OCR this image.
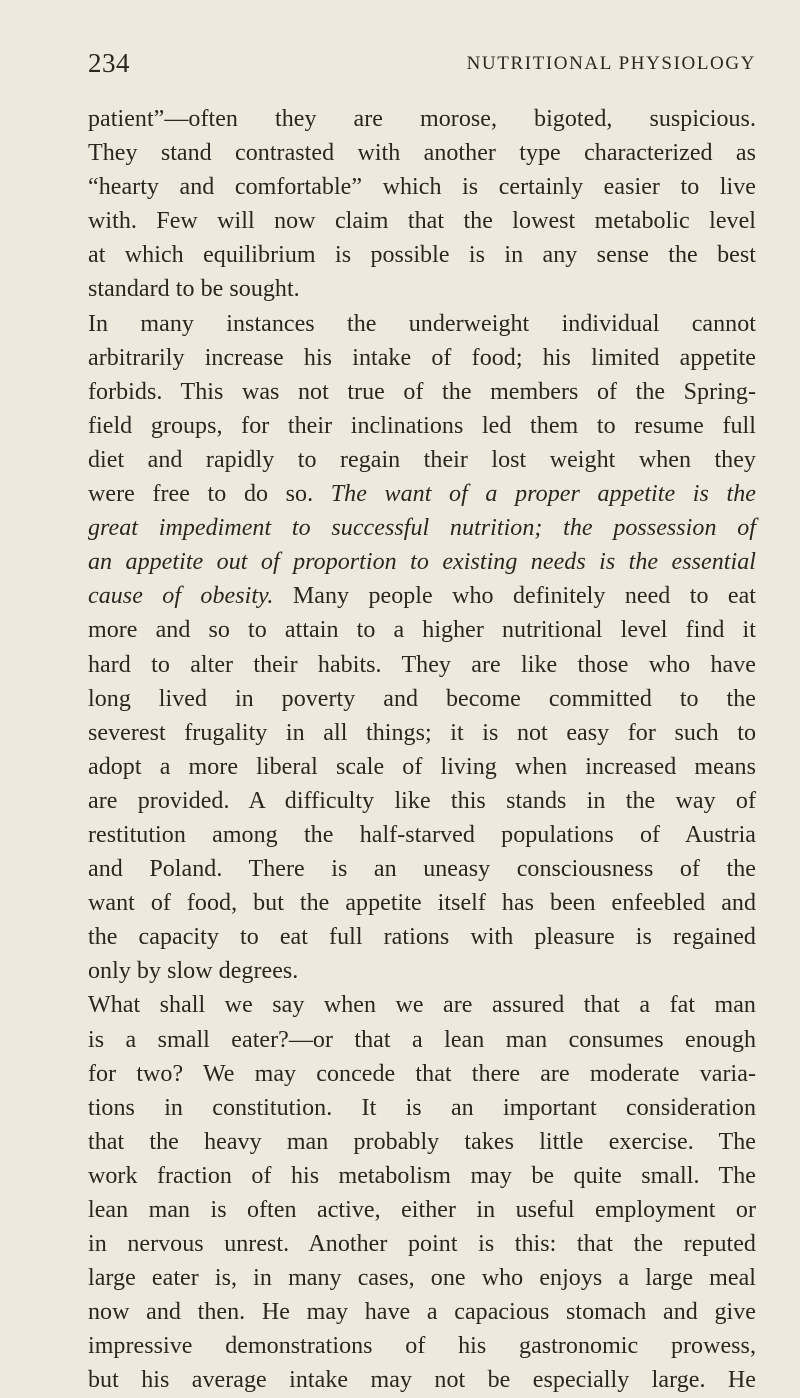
234	NUTRITIONAL PHYSIOLOGY
patient”—often they are morose, bigoted, suspicious.
They stand contrasted with another type characterized as
“hearty and comfortable” which is certainly easier to live
with. Few will now claim that the lowest metabolic level
at which equilibrium is possible is in any sense the best
standard to be sought.
In many instances the underweight individual cannot
arbitrarily increase his intake of food; his limited appetite
forbids. This was not true of the members of the Spring-
field groups, for their inclinations led them to resume full
diet and rapidly to regain their lost weight when they
were free to do so. The want of a proper appetite is the
great impediment to successful nutrition; the possession of
an appetite out of proportion to existing needs is the essential
cause of obesity. Many people who definitely need to eat
more and so to attain to a higher nutritional level find it
hard to alter their habits. They are like those who have
long lived in poverty and become committed to the
severest frugality in all things; it is not easy for such to
adopt a more liberal scale of living when increased means
are provided. A difficulty like this stands in the way of
restitution among the half-starved populations of Austria
and Poland. There is an uneasy consciousness of the
want of food, but the appetite itself has been enfeebled and
the capacity to eat full rations with pleasure is regained
only by slow degrees.
What shall we say when we are assured that a fat man
is a small eater?—or that a lean man consumes enough
for two? We may concede that there are moderate varia-
tions in constitution. It is an important consideration
that the heavy man probably takes little exercise. The
work fraction of his metabolism may be quite small. The
lean man is often active, either in useful employment or
in nervous unrest. Another point is this: that the reputed
large eater is, in many cases, one who enjoys a large meal
now and then. He may have a capacious stomach and give
impressive demonstrations of his gastronomic prowess,
but his average intake may not be especially large. He
